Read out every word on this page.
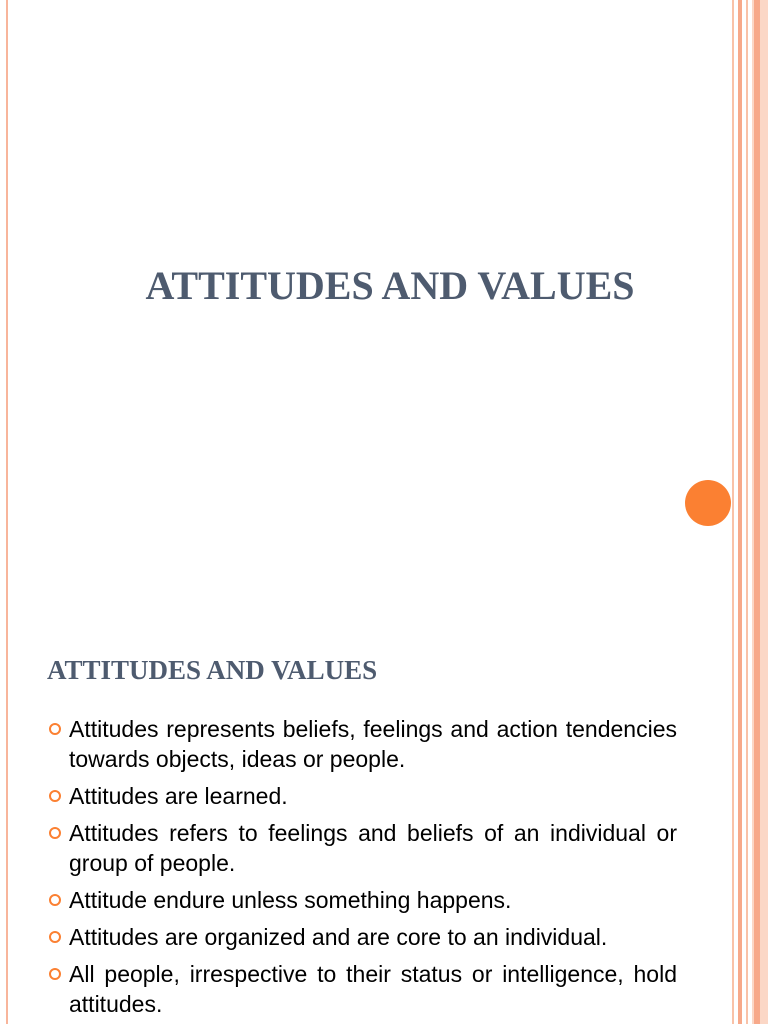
ATTITUDES AND VALUES
ATTITUDES AND VALUES
Attitudes represents beliefs, feelings and action tendencies towards objects, ideas or people.
Attitudes are learned.
Attitudes refers to feelings and beliefs of an individual or group of people.
Attitude endure unless something happens.
Attitudes are organized and are core to an individual.
All people, irrespective to their status or intelligence, hold attitudes.
